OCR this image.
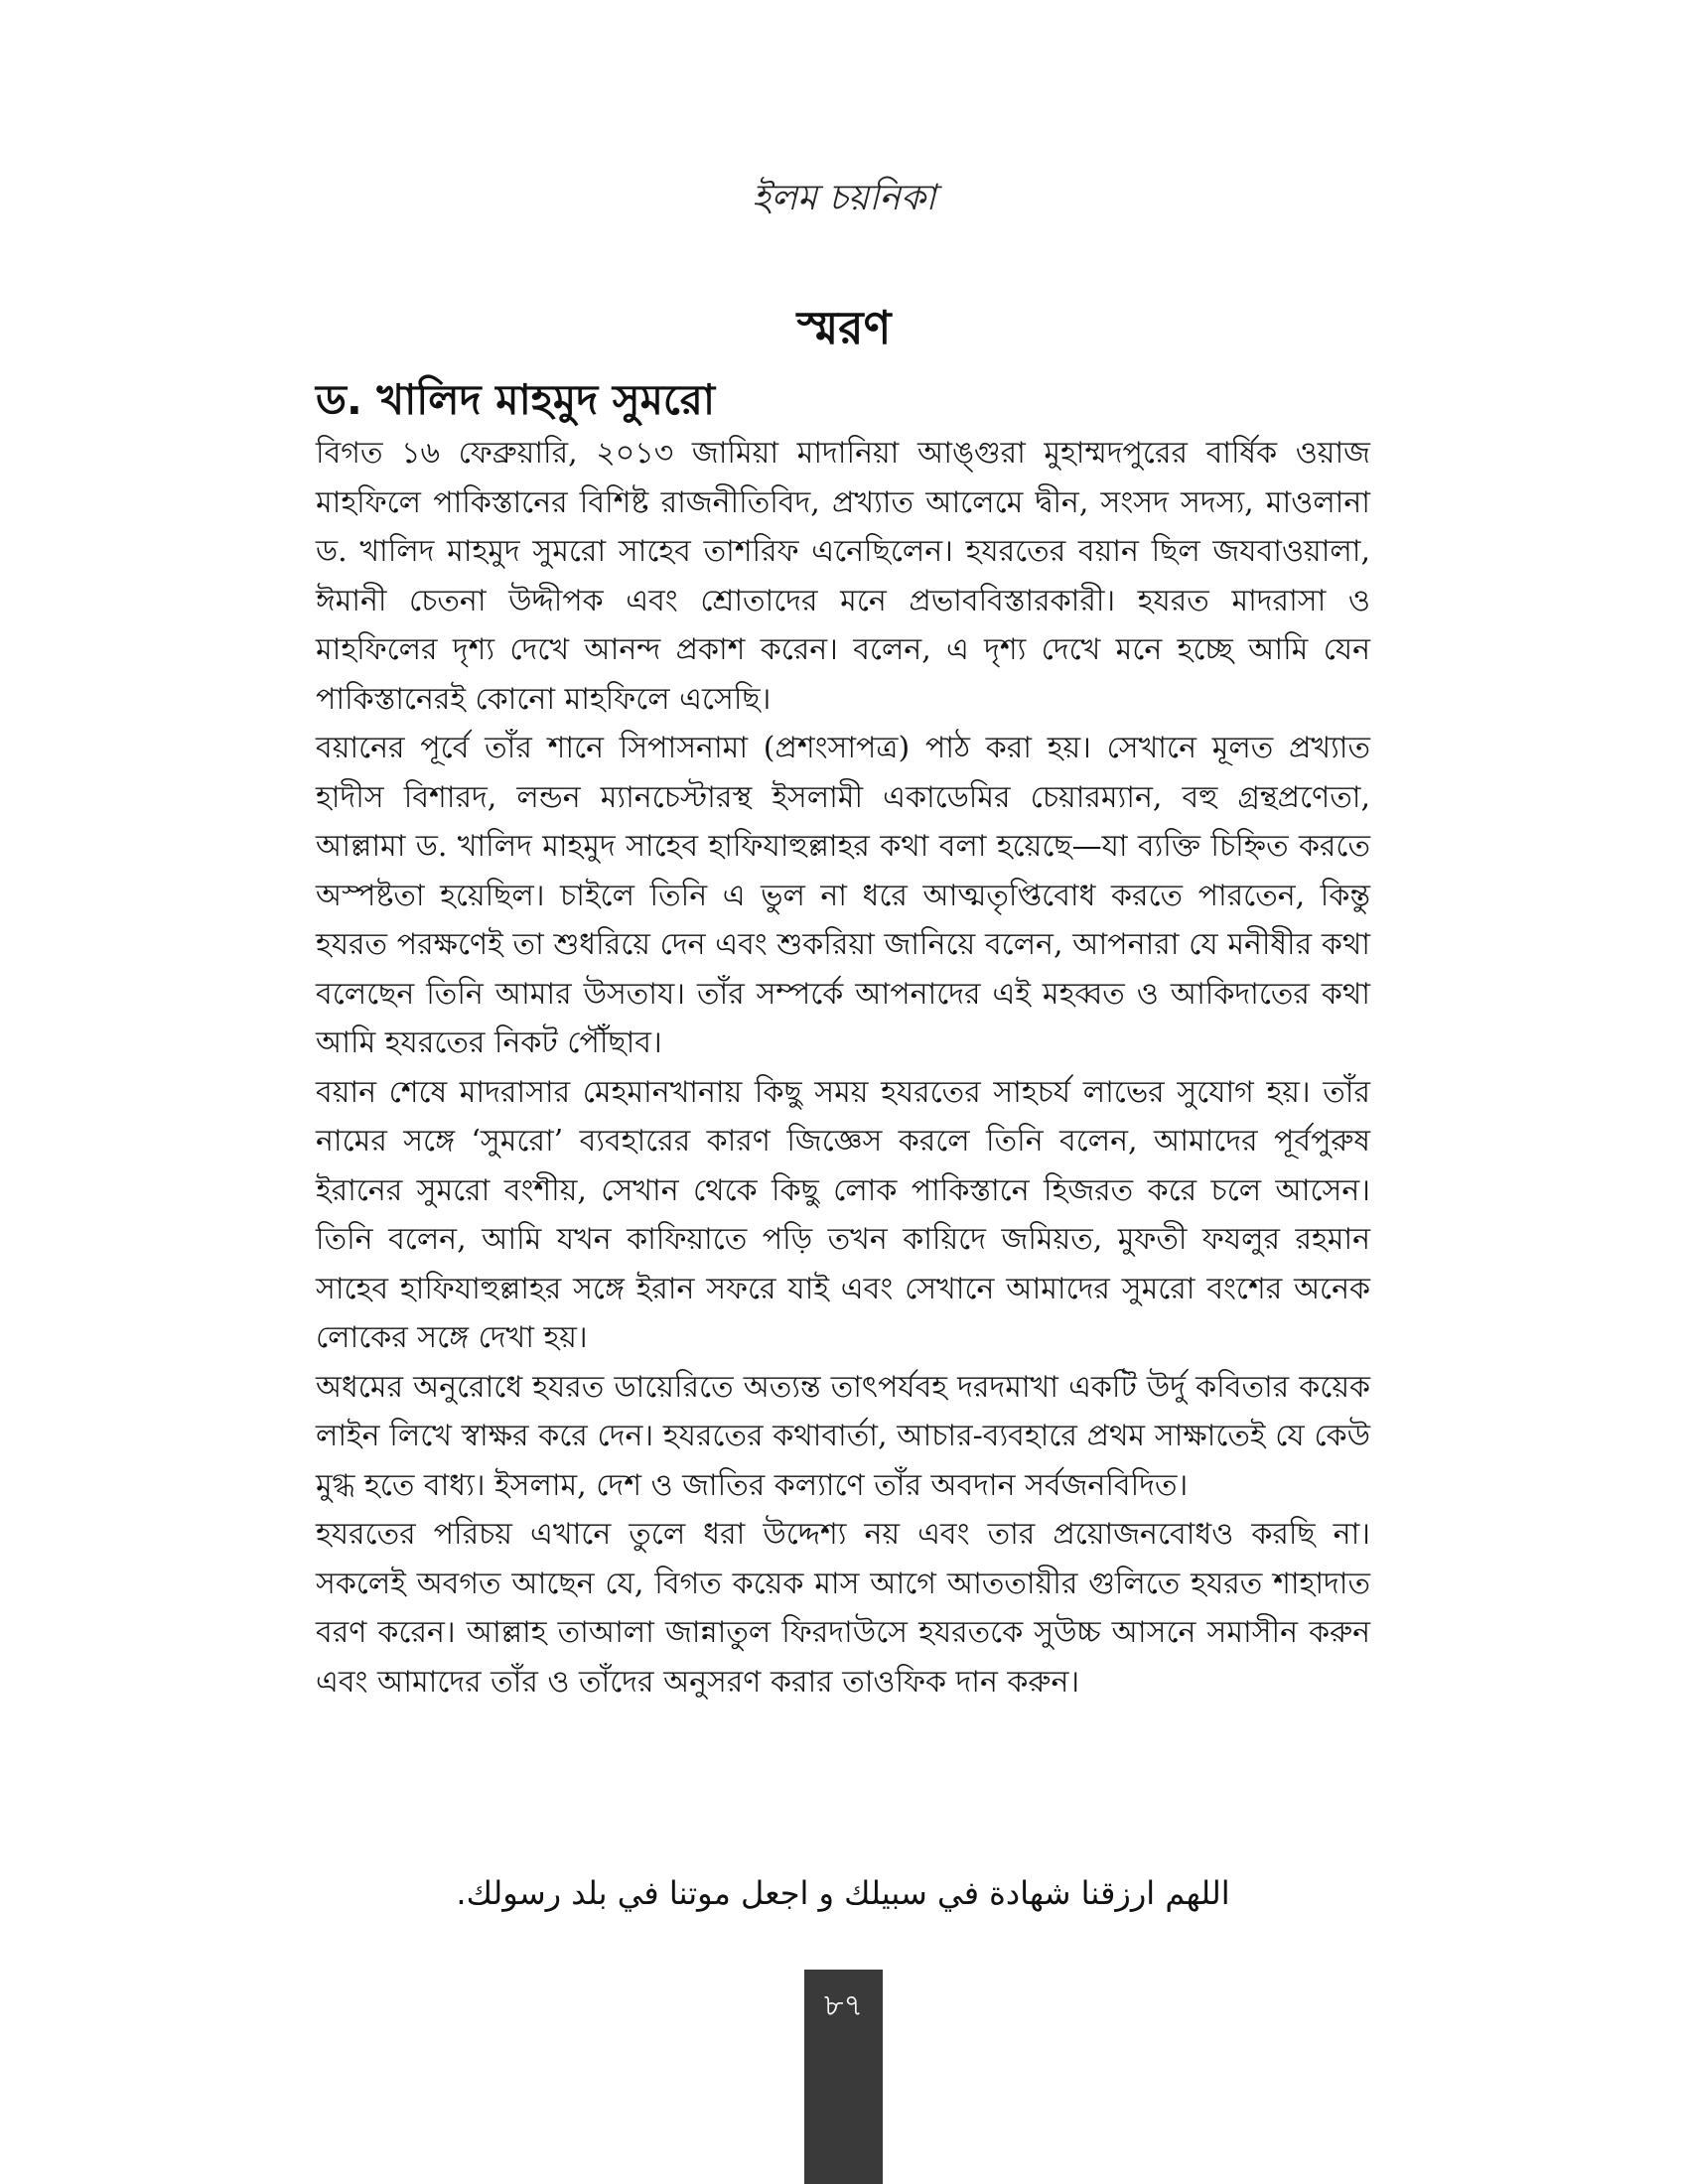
ইলম চয়নিকা
স্মরণ
ড. খালিদ মাহমুদ সুমরো

বিগত ১৬ ফেব্রুয়ারি, ২০১৩ জামিয়া মাদানিয়া আঙ্গুরা মুহাম্মদপুরের বার্ষিক ওয়াজ মাহফিলে পাকিস্তানের বিশিষ্ট রাজনীতিবিদ, প্রখ্যাত আলেমে দ্বীন, সংসদ সদস্য, মাওলানা ড. খালিদ মাহমুদ সুমরো সাহেব তাশরিফ এনেছিলেন। হযরতের বয়ান ছিল জযবাওয়ালা, ঈমানী চেতনা উদ্দীপক এবং শ্রোতাদের মনে প্রভাববিস্তারকারী। হযরত মাদরাসা ও মাহফিলের দৃশ্য দেখে আনন্দ প্রকাশ করেন। বলেন, এ দৃশ্য দেখে মনে হচ্ছে আমি যেন পাকিস্তানেরই কোনো মাহফিলে এসেছি।

বয়ানের পূর্বে তাঁর শানে সিপাসনামা (প্রশংসাপত্র) পাঠ করা হয়। সেখানে মূলত প্রখ্যাত হাদীস বিশারদ, লন্ডন ম্যানচেস্টারস্থ ইসলামী একাডেমির চেয়ারম্যান, বহু গ্রন্থপ্রণেতা, আল্লামা ড. খালিদ মাহমুদ সাহেব হাফিযাহুল্লাহর কথা বলা হয়েছে—যা ব্যক্তি চিহ্নিত করতে অস্পষ্টতা হয়েছিল। চাইলে তিনি এ ভুল না ধরে আত্মতৃপ্তিবোধ করতে পারতেন, কিন্তু হযরত পরক্ষণেই তা শুধরিয়ে দেন এবং শুকরিয়া জানিয়ে বলেন, আপনারা যে মনীষীর কথা বলেছেন তিনি আমার উসতায। তাঁর সম্পর্কে আপনাদের এই মহব্বত ও আকিদাতের কথা আমি হযরতের নিকট পৌঁছাব।

বয়ান শেষে মাদরাসার মেহমানখানায় কিছু সময় হযরতের সাহচর্য লাভের সুযোগ হয়। তাঁর নামের সঙ্গে ‘সুমরো’ ব্যবহারের কারণ জিজ্ঞেস করলে তিনি বলেন, আমাদের পূর্বপুরুষ ইরানের সুমরো বংশীয়, সেখান থেকে কিছু লোক পাকিস্তানে হিজরত করে চলে আসেন। তিনি বলেন, আমি যখন কাফিয়াতে পড়ি তখন কায়িদে জমিয়ত, মুফতী ফযলুর রহমান সাহেব হাফিযাহুল্লাহর সঙ্গে ইরান সফরে যাই এবং সেখানে আমাদের সুমরো বংশের অনেক লোকের সঙ্গে দেখা হয়।

অধমের অনুরোধে হযরত ডায়েরিতে অত্যন্ত তাৎপর্যবহ দরদমাখা একটি উর্দু কবিতার কয়েক লাইন লিখে স্বাক্ষর করে দেন। হযরতের কথাবার্তা, আচার-ব্যবহারে প্রথম সাক্ষাতেই যে কেউ মুগ্ধ হতে বাধ্য। ইসলাম, দেশ ও জাতির কল্যাণে তাঁর অবদান সর্বজনবিদিত।

হযরতের পরিচয় এখানে তুলে ধরা উদ্দেশ্য নয় এবং তার প্রয়োজনবোধও করছি না। সকলেই অবগত আছেন যে, বিগত কয়েক মাস আগে আততায়ীর গুলিতে হযরত শাহাদাত বরণ করেন। আল্লাহ তাআলা জান্নাতুল ফিরদাউসে হযরতকে সুউচ্চ আসনে সমাসীন করুন এবং আমাদের তাঁর ও তাঁদের অনুসরণ করার তাওফিক দান করুন।

اللهم ارزقنا شهادة في سبيلك و اجعل موتنا في بلد رسولك.
৮৭
